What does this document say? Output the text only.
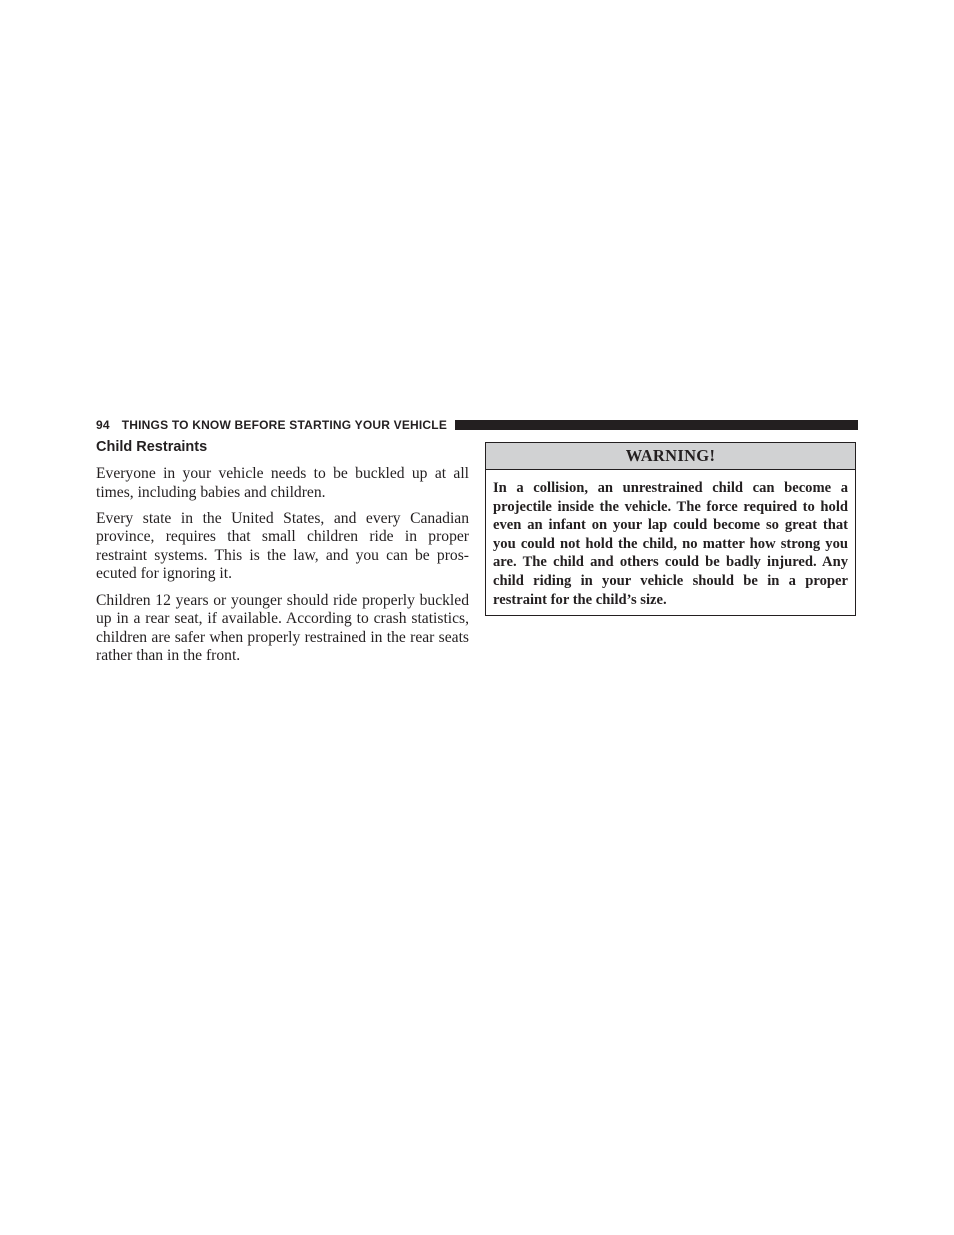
94 THINGS TO KNOW BEFORE STARTING YOUR VEHICLE
Child Restraints

Everyone in your vehicle needs to be buckled up at all times, including babies and children.

Every state in the United States, and every Canadian province, requires that small children ride in proper restraint systems. This is the law, and you can be prosecuted for ignoring it.

Children 12 years or younger should ride properly buckled up in a rear seat, if available. According to crash statistics, children are safer when properly restrained in the rear seats rather than in the front.

WARNING!
In a collision, an unrestrained child can become a projectile inside the vehicle. The force required to hold even an infant on your lap could become so great that you could not hold the child, no matter how strong you are. The child and others could be badly injured. Any child riding in your vehicle should be in a proper restraint for the child’s size.
